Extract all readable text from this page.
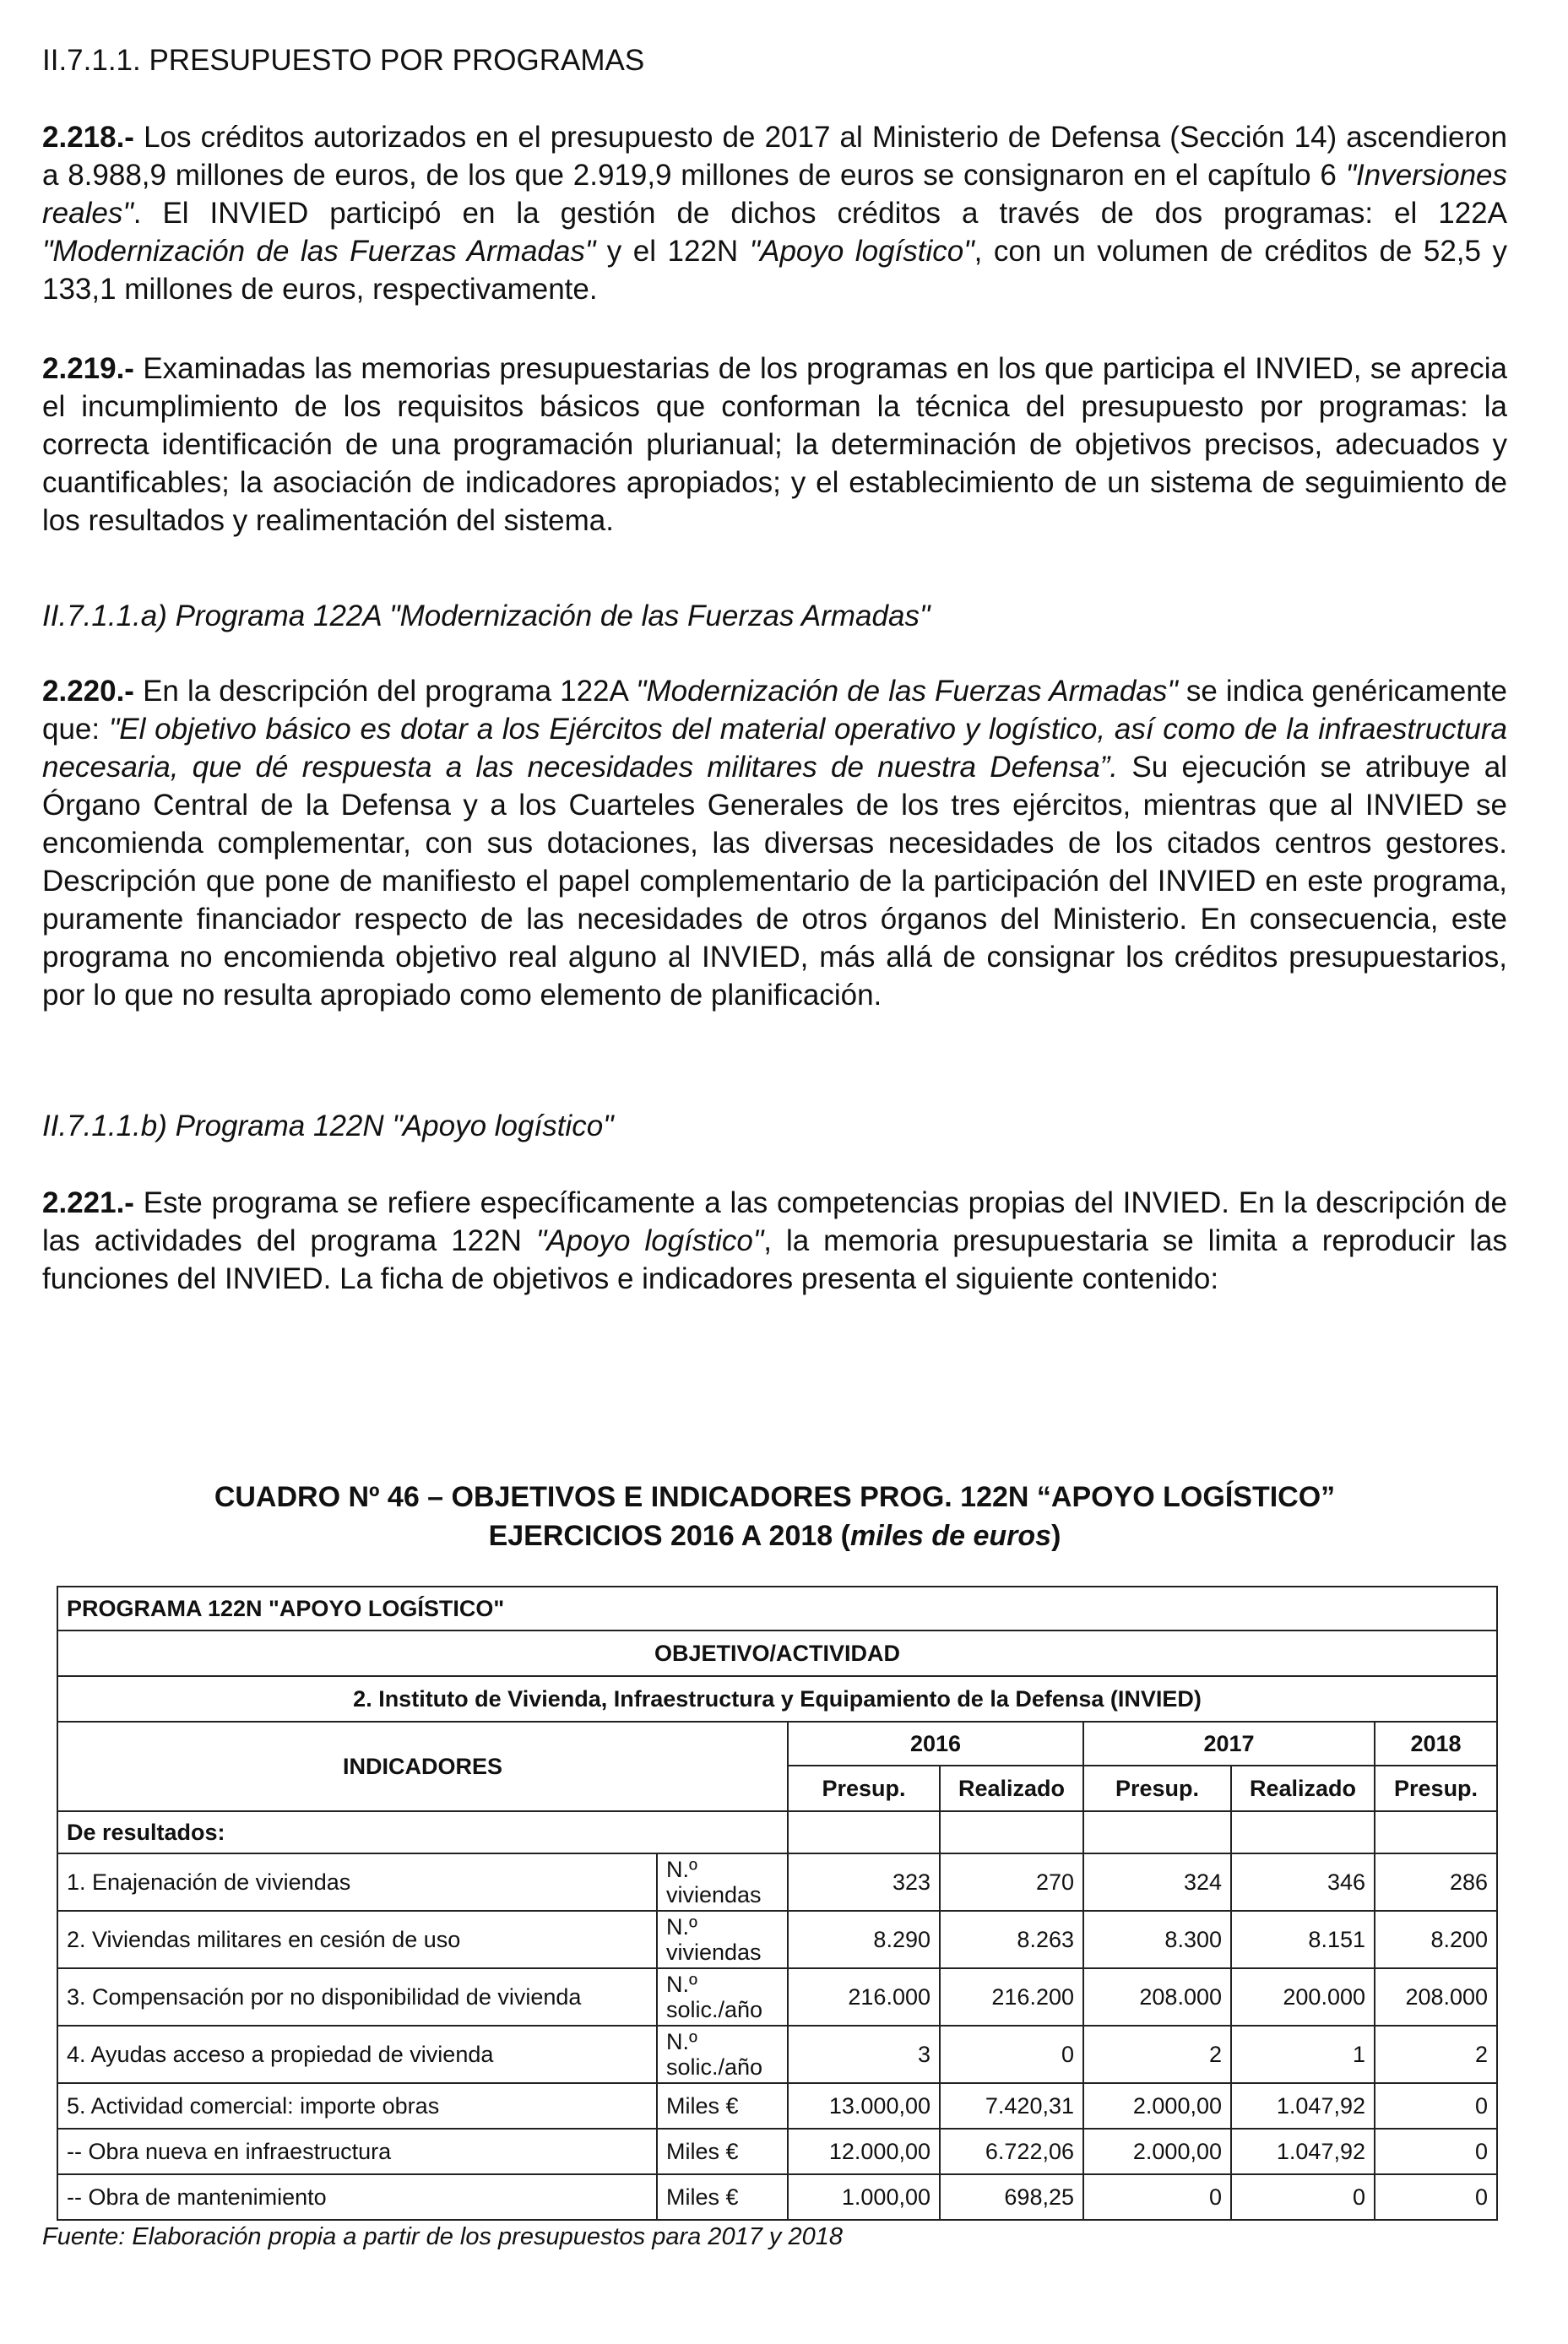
II.7.1.1. PRESUPUESTO POR PROGRAMAS

2.218.- Los créditos autorizados en el presupuesto de 2017 al Ministerio de Defensa (Sección 14) ascendieron a 8.988,9 millones de euros, de los que 2.919,9 millones de euros se consignaron en el capítulo 6 "Inversiones reales". El INVIED participó en la gestión de dichos créditos a través de dos programas: el 122A "Modernización de las Fuerzas Armadas" y el 122N "Apoyo logístico", con un volumen de créditos de 52,5 y 133,1 millones de euros, respectivamente.

2.219.- Examinadas las memorias presupuestarias de los programas en los que participa el INVIED, se aprecia el incumplimiento de los requisitos básicos que conforman la técnica del presupuesto por programas: la correcta identificación de una programación plurianual; la determinación de objetivos precisos, adecuados y cuantificables; la asociación de indicadores apropiados; y el establecimiento de un sistema de seguimiento de los resultados y realimentación del sistema.

II.7.1.1.a) Programa 122A "Modernización de las Fuerzas Armadas"

2.220.- En la descripción del programa 122A "Modernización de las Fuerzas Armadas" se indica genéricamente que: "El objetivo básico es dotar a los Ejércitos del material operativo y logístico, así como de la infraestructura necesaria, que dé respuesta a las necesidades militares de nuestra Defensa”. Su ejecución se atribuye al Órgano Central de la Defensa y a los Cuarteles Generales de los tres ejércitos, mientras que al INVIED se encomienda complementar, con sus dotaciones, las diversas necesidades de los citados centros gestores. Descripción que pone de manifiesto el papel complementario de la participación del INVIED en este programa, puramente financiador respecto de las necesidades de otros órganos del Ministerio. En consecuencia, este programa no encomienda objetivo real alguno al INVIED, más allá de consignar los créditos presupuestarios, por lo que no resulta apropiado como elemento de planificación.

II.7.1.1.b) Programa 122N "Apoyo logístico"

2.221.- Este programa se refiere específicamente a las competencias propias del INVIED. En la descripción de las actividades del programa 122N "Apoyo logístico", la memoria presupuestaria se limita a reproducir las funciones del INVIED. La ficha de objetivos e indicadores presenta el siguiente contenido:

CUADRO Nº 46 – OBJETIVOS E INDICADORES PROG. 122N “APOYO LOGÍSTICO”

EJERCICIOS 2016 A 2018 (miles de euros)

PROGRAMA 122N "APOYO LOGÍSTICO"						
OBJETIVO/ACTIVIDAD						
2. Instituto de Vivienda, Infraestructura y Equipamiento de la Defensa (INVIED)						
INDICADORES		2016		2017		2018
		Presup.	Realizado	Presup.	Realizado	Presup.
De resultados:						
1. Enajenación de viviendas	N.º viviendas	323	270	324	346	286
2. Viviendas militares en cesión de uso	N.º viviendas	8.290	8.263	8.300	8.151	8.200
3. Compensación por no disponibilidad de vivienda	N.º solic./año	216.000	216.200	208.000	200.000	208.000
4. Ayudas acceso a propiedad de vivienda	N.º solic./año	3	0	2	1	2
5. Actividad comercial: importe obras	Miles €	13.000,00	7.420,31	2.000,00	1.047,92	0
-- Obra nueva en infraestructura	Miles €	12.000,00	6.722,06	2.000,00	1.047,92	0
-- Obra de mantenimiento	Miles €	1.000,00	698,25	0	0	0

Fuente: Elaboración propia a partir de los presupuestos para 2017 y 2018
